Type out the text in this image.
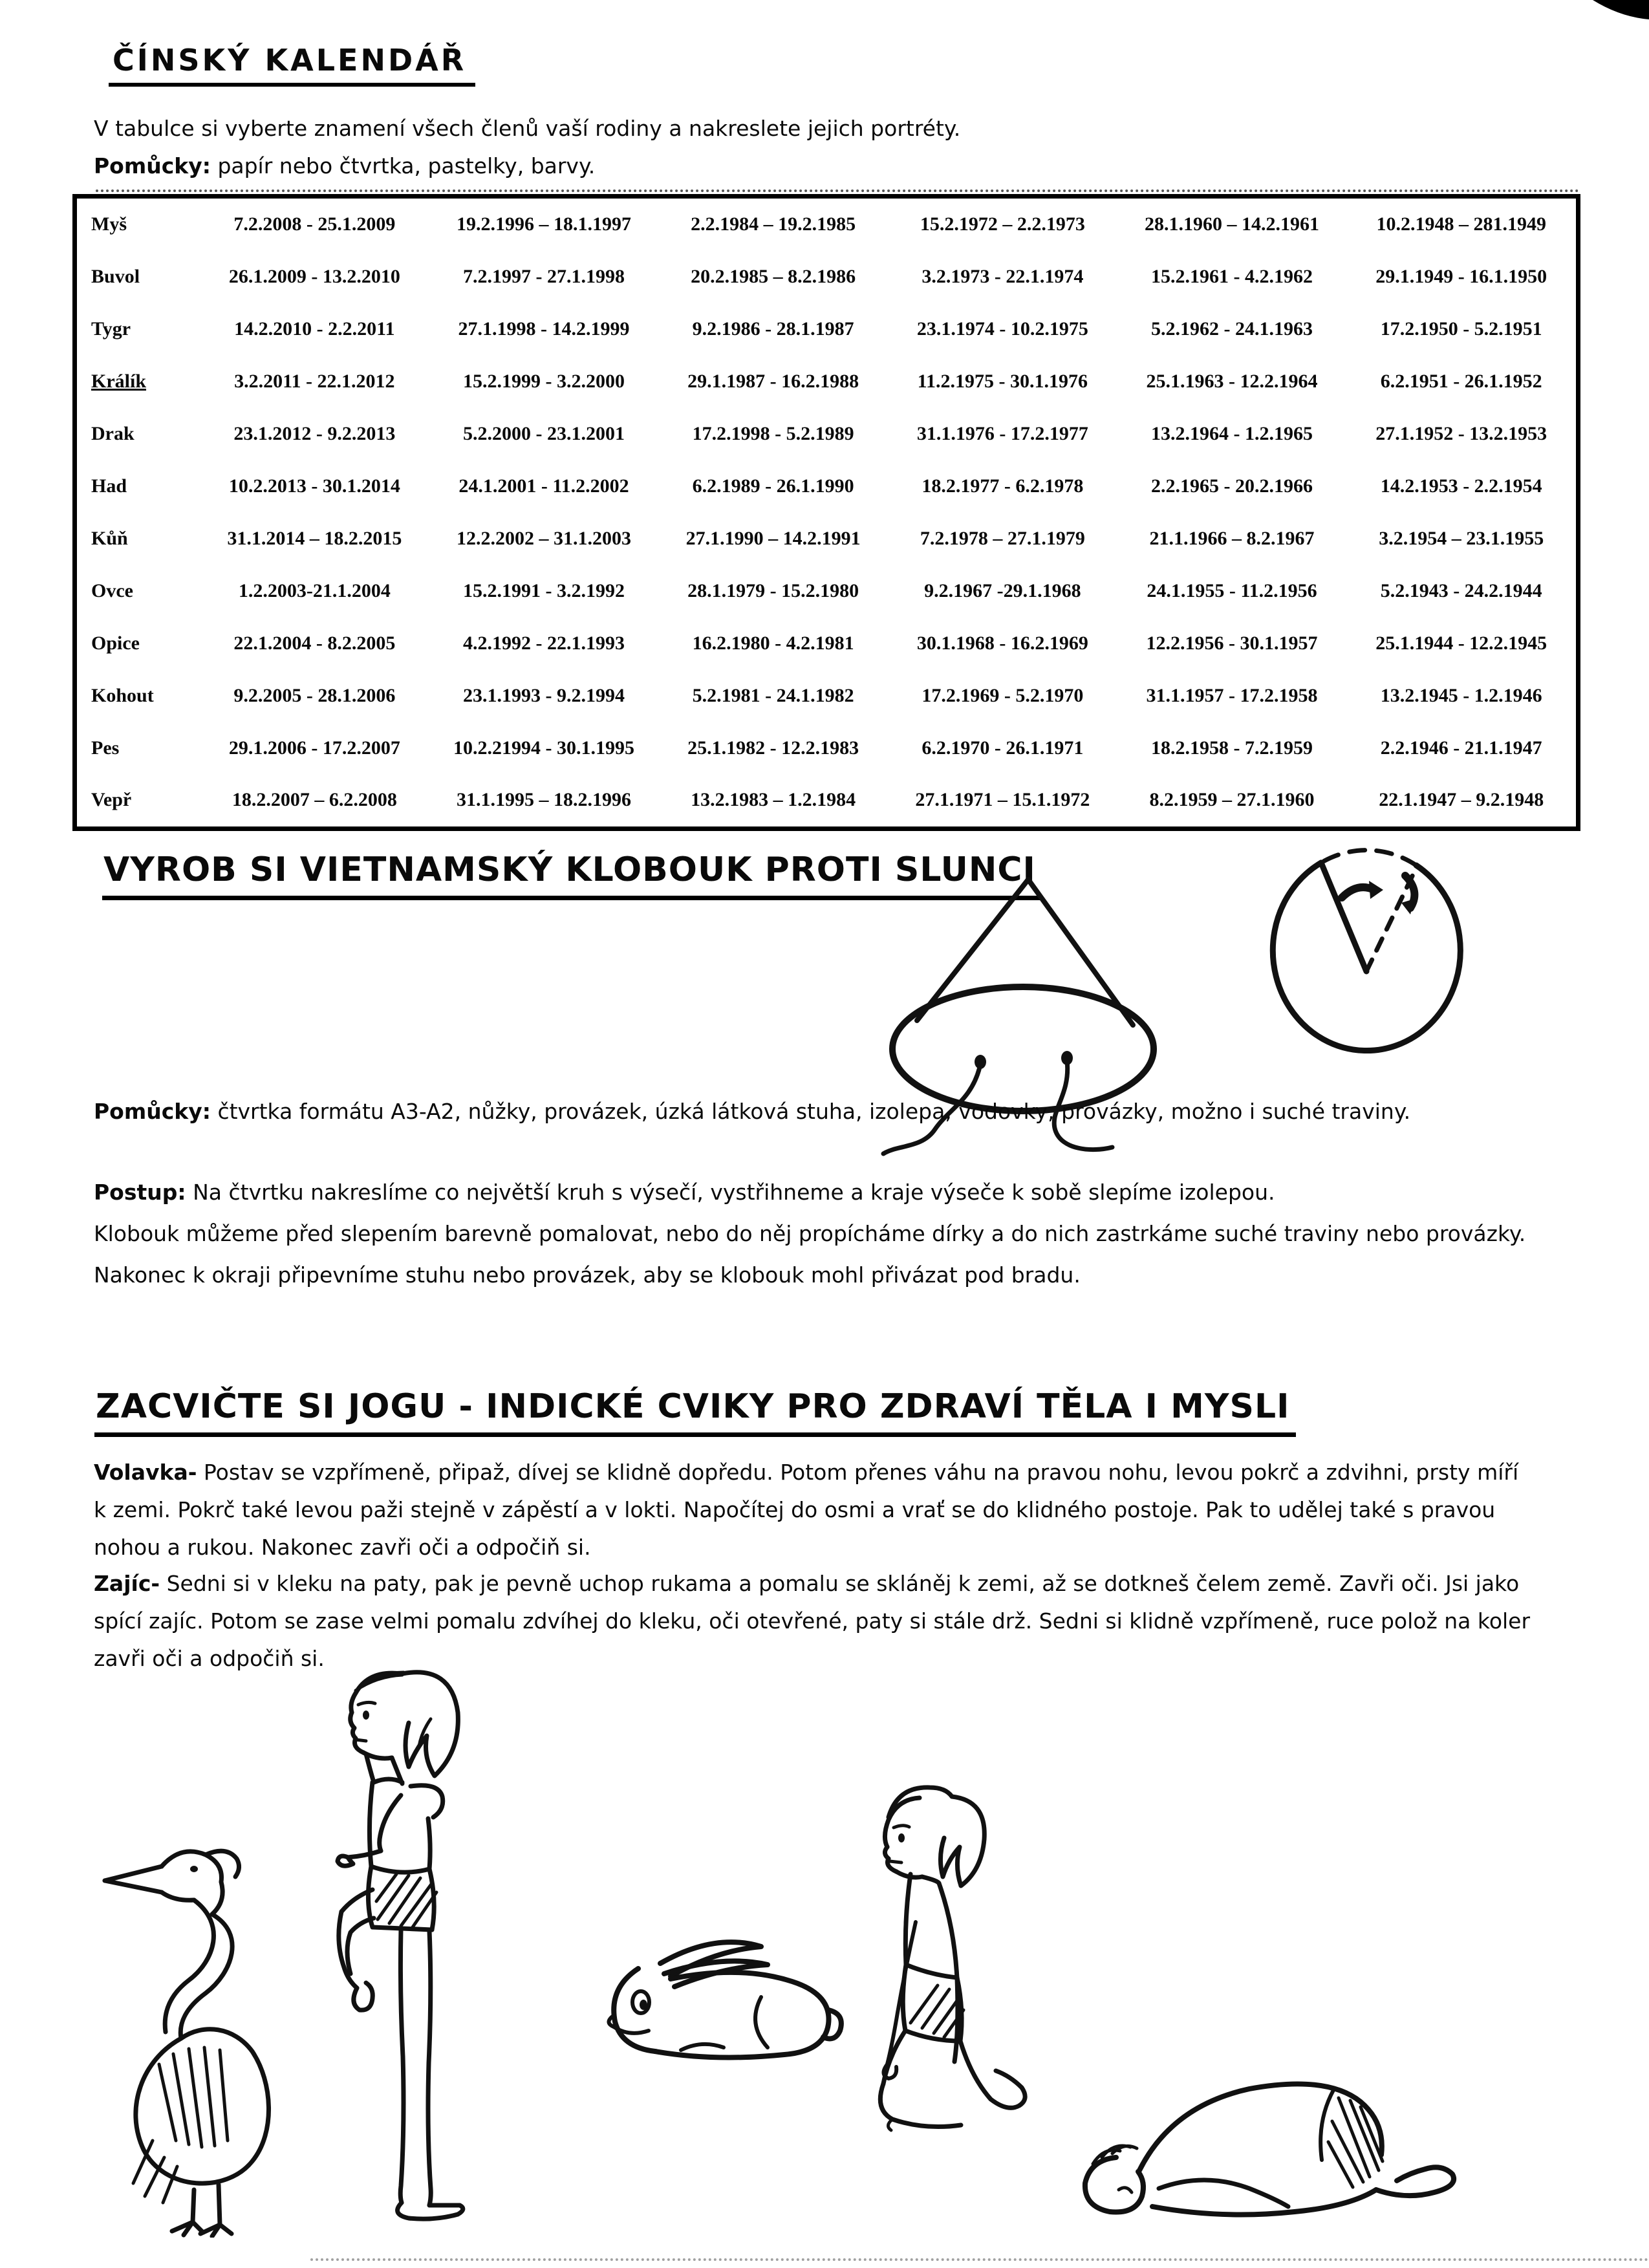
ČÍNSKÝ KALENDÁŘ
V tabulce si vyberte znamení všech členů vaší rodiny a nakreslete jejich portréty.
Pomůcky: papír nebo čtvrtka, pastelky, barvy.
Myš	7.2.2008 - 25.1.2009	19.2.1996 – 18.1.1997	2.2.1984 – 19.2.1985	15.2.1972 – 2.2.1973	28.1.1960 – 14.2.1961	10.2.1948 – 281.1949
Buvol	26.1.2009 - 13.2.2010	7.2.1997 - 27.1.1998	20.2.1985 – 8.2.1986	3.2.1973 - 22.1.1974	15.2.1961 - 4.2.1962	29.1.1949 - 16.1.1950
Tygr	14.2.2010 - 2.2.2011	27.1.1998 - 14.2.1999	9.2.1986 - 28.1.1987	23.1.1974 - 10.2.1975	5.2.1962 - 24.1.1963	17.2.1950 - 5.2.1951
Králík	3.2.2011 - 22.1.2012	15.2.1999 - 3.2.2000	29.1.1987 - 16.2.1988	11.2.1975 - 30.1.1976	25.1.1963 - 12.2.1964	6.2.1951 - 26.1.1952
Drak	23.1.2012 - 9.2.2013	5.2.2000 - 23.1.2001	17.2.1998 - 5.2.1989	31.1.1976 - 17.2.1977	13.2.1964 - 1.2.1965	27.1.1952 - 13.2.1953
Had	10.2.2013 - 30.1.2014	24.1.2001 - 11.2.2002	6.2.1989 - 26.1.1990	18.2.1977 - 6.2.1978	2.2.1965 - 20.2.1966	14.2.1953 - 2.2.1954
Kůň	31.1.2014 – 18.2.2015	12.2.2002 – 31.1.2003	27.1.1990 – 14.2.1991	7.2.1978 – 27.1.1979	21.1.1966 – 8.2.1967	3.2.1954 – 23.1.1955
Ovce	1.2.2003-21.1.2004	15.2.1991 - 3.2.1992	28.1.1979 - 15.2.1980	9.2.1967 -29.1.1968	24.1.1955 - 11.2.1956	5.2.1943 - 24.2.1944
Opice	22.1.2004 - 8.2.2005	4.2.1992 - 22.1.1993	16.2.1980 - 4.2.1981	30.1.1968 - 16.2.1969	12.2.1956 - 30.1.1957	25.1.1944 - 12.2.1945
Kohout	9.2.2005 - 28.1.2006	23.1.1993 - 9.2.1994	5.2.1981 - 24.1.1982	17.2.1969 - 5.2.1970	31.1.1957 - 17.2.1958	13.2.1945 - 1.2.1946
Pes	29.1.2006 - 17.2.2007	10.2.21994 - 30.1.1995	25.1.1982 - 12.2.1983	6.2.1970 - 26.1.1971	18.2.1958 - 7.2.1959	2.2.1946 - 21.1.1947
Vepř	18.2.2007 – 6.2.2008	31.1.1995 – 18.2.1996	13.2.1983 – 1.2.1984	27.1.1971 – 15.1.1972	8.2.1959 – 27.1.1960	22.1.1947 – 9.2.1948
VYROB SI VIETNAMSKÝ KLOBOUK PROTI SLUNCI
Pomůcky: čtvrtka formátu A3-A2, nůžky, provázek, úzká látková stuha, izolepa, vodovky, provázky, možno i suché traviny.
Postup: Na čtvrtku nakreslíme co největší kruh s výsečí, vystřihneme a kraje výseče k sobě slepíme izolepou.
Klobouk můžeme před slepením barevně pomalovat, nebo do něj propícháme dírky a do nich zastrkáme suché traviny nebo provázky.
Nakonec k okraji připevníme stuhu nebo provázek, aby se klobouk mohl přivázat pod bradu.
ZACVIČTE SI JOGU - INDICKÉ CVIKY PRO ZDRAVÍ TĚLA I MYSLI
Volavka- Postav se vzpřímeně, připaž, dívej se klidně dopředu. Potom přenes váhu na pravou nohu, levou pokrč a zdvihni, prsty míří
k zemi. Pokrč také levou paži stejně v zápěstí a v lokti. Napočítej do osmi a vrať se do klidného postoje. Pak to udělej také s pravou
nohou a rukou. Nakonec zavři oči a odpočiň si.
Zajíc- Sedni si v kleku na paty, pak je pevně uchop rukama a pomalu se skláněj k zemi, až se dotkneš čelem země. Zavři oči. Jsi jako
spící zajíc. Potom se zase velmi pomalu zdvíhej do kleku, oči otevřené, paty si stále drž. Sedni si klidně vzpřímeně, ruce polož na koler
zavři oči a odpočiň si.
